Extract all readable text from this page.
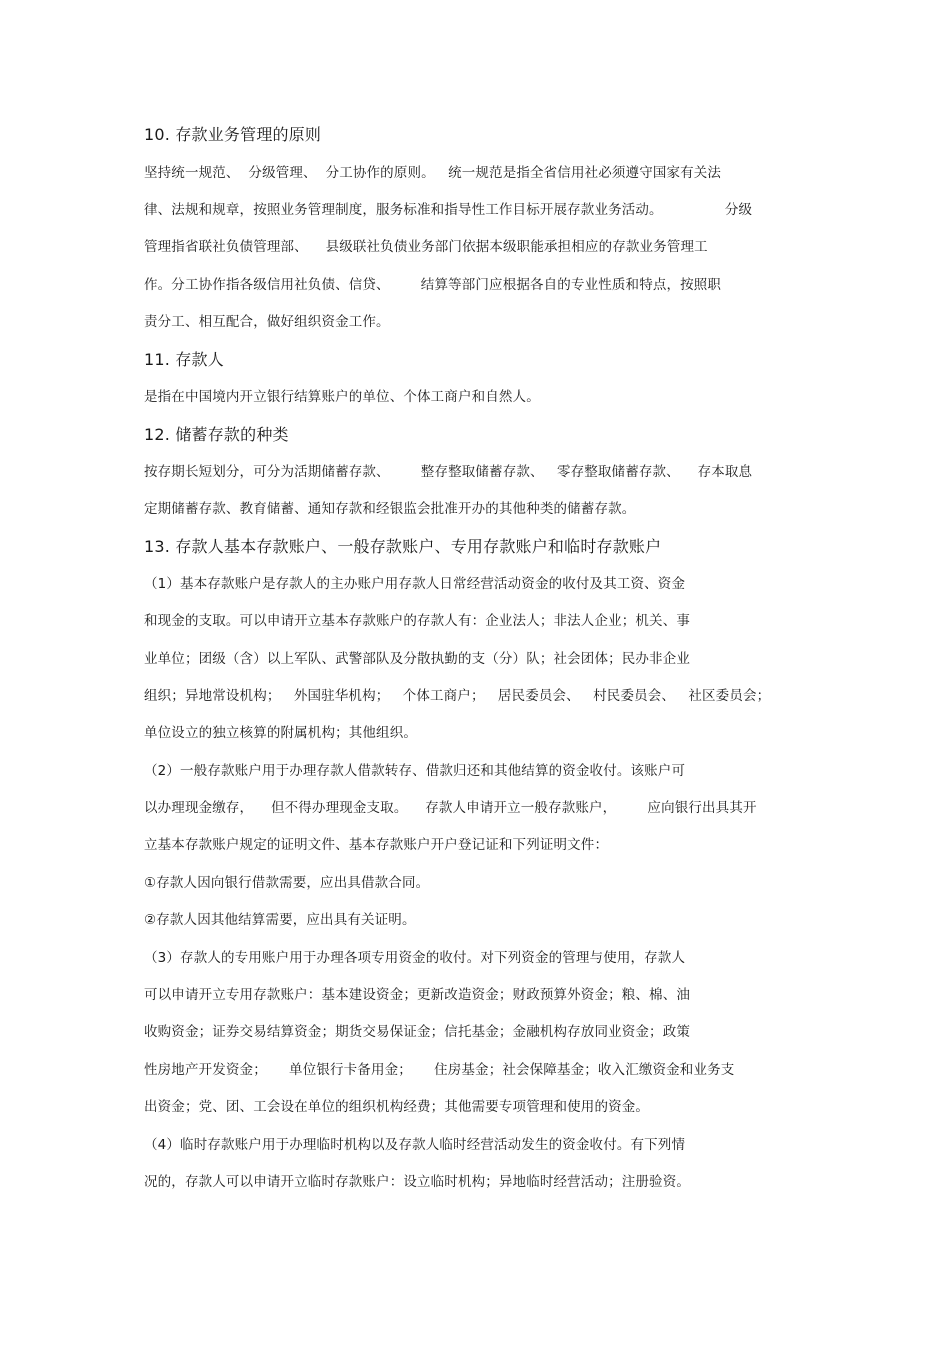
10. 存款业务管理的原则
坚持统一规范、  分级管理、  分工协作的原则。   统一规范是指全省信用社必须遵守国家有关法
律、法规和规章，按照业务管理制度，服务标准和指导性工作目标开展存款业务活动。              分级
管理指省联社负债管理部、    县级联社负债业务部门依据本级职能承担相应的存款业务管理工
作。分工协作指各级信用社负债、信贷、       结算等部门应根据各自的专业性质和特点，按照职
责分工、相互配合，做好组织资金工作。
11. 存款人
是指在中国境内开立银行结算账户的单位、个体工商户和自然人。
12. 储蓄存款的种类
按存期长短划分，可分为活期储蓄存款、       整存整取储蓄存款、   零存整取储蓄存款、    存本取息
定期储蓄存款、教育储蓄、通知存款和经银监会批准开办的其他种类的储蓄存款。
13. 存款人基本存款账户、一般存款账户、专用存款账户和临时存款账户
（1）基本存款账户是存款人的主办账户用存款人日常经营活动资金的收付及其工资、资金
和现金的支取。可以申请开立基本存款账户的存款人有：企业法人；非法人企业；机关、事
业单位；团级（含）以上军队、武警部队及分散执勤的支（分）队；社会团体；民办非企业
组织；异地常设机构；   外国驻华机构；   个体工商户；   居民委员会、   村民委员会、   社区委员会；
单位设立的独立核算的附属机构；其他组织。
（2）一般存款账户用于办理存款人借款转存、借款归还和其他结算的资金收付。该账户可
以办理现金缴存，    但不得办理现金支取。    存款人申请开立一般存款账户，       应向银行出具其开
立基本存款账户规定的证明文件、基本存款账户开户登记证和下列证明文件：
①存款人因向银行借款需要，应出具借款合同。
②存款人因其他结算需要，应出具有关证明。
（3）存款人的专用账户用于办理各项专用资金的收付。对下列资金的管理与使用，存款人
可以申请开立专用存款账户：基本建设资金；更新改造资金；财政预算外资金；粮、棉、油
收购资金；证券交易结算资金；期货交易保证金；信托基金；金融机构存放同业资金；政策
性房地产开发资金；     单位银行卡备用金；     住房基金；社会保障基金；收入汇缴资金和业务支
出资金；党、团、工会设在单位的组织机构经费；其他需要专项管理和使用的资金。
（4）临时存款账户用于办理临时机构以及存款人临时经营活动发生的资金收付。有下列情
况的，存款人可以申请开立临时存款账户：设立临时机构；异地临时经营活动；注册验资。
